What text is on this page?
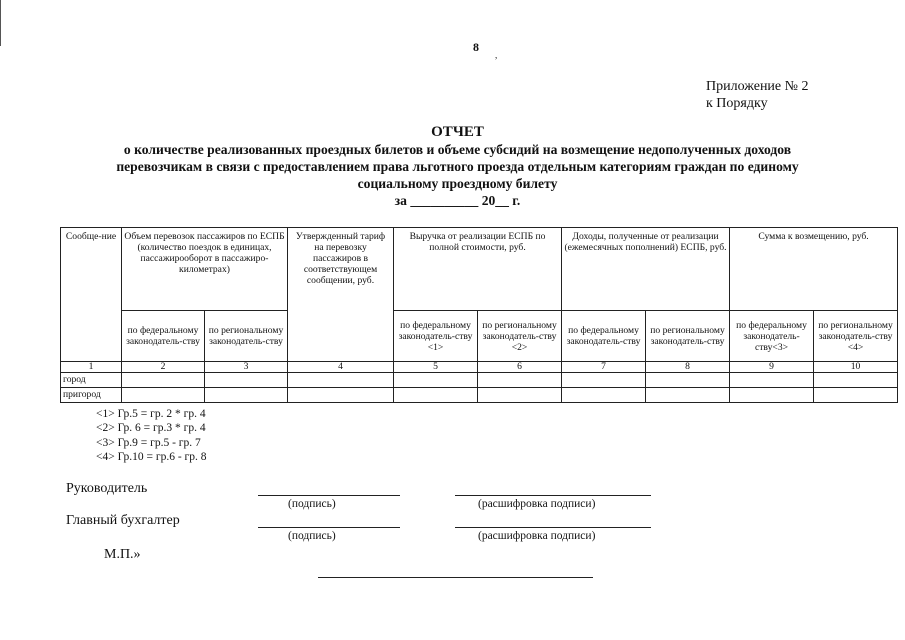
8
,
Приложение № 2
к Порядку
ОТЧЕТ
о количестве реализованных проездных билетов и объеме субсидий на возмещение недополученных доходов
перевозчикам в связи с предоставлением права льготного проезда отдельным категориям граждан по единому
социальному проездному билету
за __________ 20__ г.
Сообще-ние	Объем перевозок пассажиров по ЕСПБ (количество поездок в единицах, пассажирооборот в пассажиро-километрах)		Утвержденный тариф на перевозку пассажиров в соответствующем сообщении, руб.	Выручка от реализации ЕСПБ по полной стоимости, руб.		Доходы, полученные от реализации (ежемесячных пополнений) ЕСПБ, руб.		Сумма к возмещению, руб.	
	по федеральному законодатель-ству	по региональному законодатель-ству		по федеральному законодатель-ству <1>	по региональному законодатель-ству <2>	по федеральному законодатель-ству	по региональному законодатель-ству	по федеральному законодатель-ству<3>	по региональному законодатель-ству <4>
1	2	3	4	5	6	7	8	9	10
город									
пригород									
<1> Гр.5 = гр. 2 * гр. 4
<2> Гр. 6 = гр.3 * гр. 4
<3> Гр.9 = гр.5 - гр. 7
<4> Гр.10 = гр.6 - гр. 8
Руководитель
(подпись)	(расшифровка подписи)
Главный бухгалтер
(подпись)	(расшифровка подписи)
М.П.»
